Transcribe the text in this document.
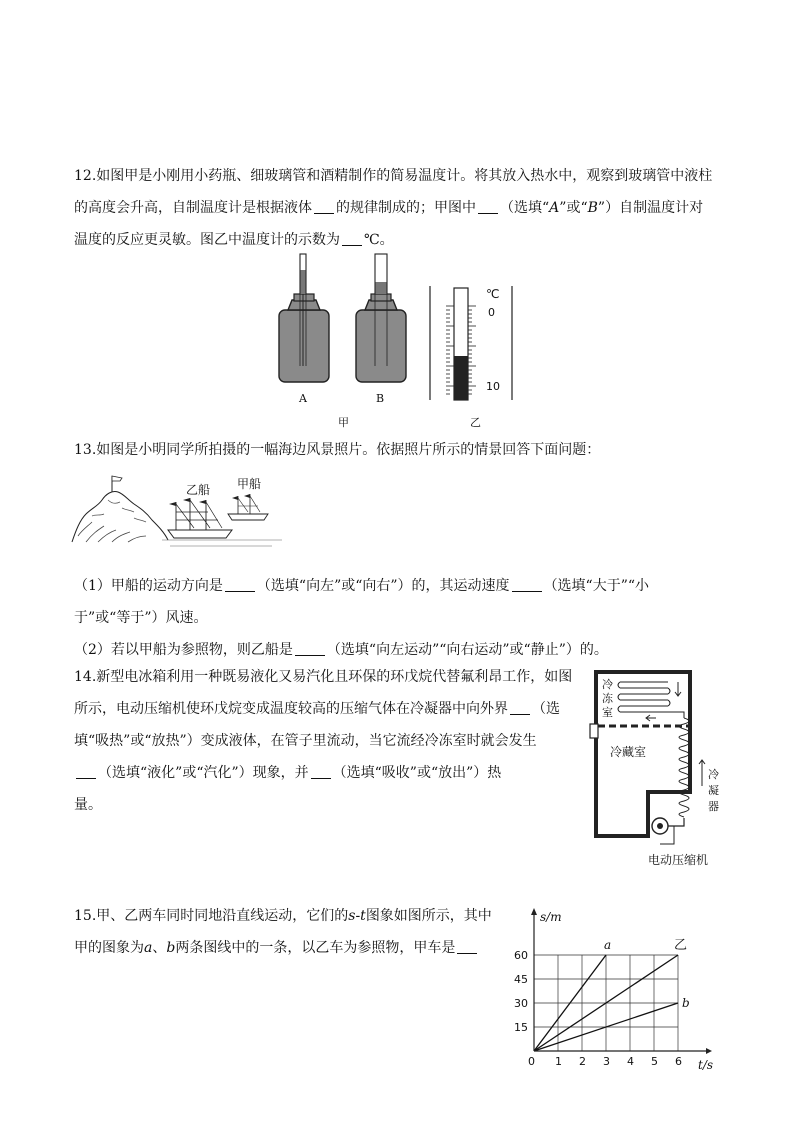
12.如图甲是小刚用小药瓶、细玻璃管和酒精制作的简易温度计。将其放入热水中，观察到玻璃管中液柱

的高度会升高，自制温度计是根据液体 的规律制成的；甲图中 （选填“A”或“B”）自制温度计对

温度的反应更灵敏。图乙中温度计的示数为 ℃。

A	B
℃
0
10
甲	乙

13.如图是小明同学所拍摄的一幅海边风景照片。依据照片所示的情景回答下面问题：

乙船 甲船

（1）甲船的运动方向是 （选填“向左”或“向右”）的，其运动速度 （选填“大于”“小

于”或“等于”）风速。

（2）若以甲船为参照物，则乙船是 （选填“向左运动”“向右运动”或“静止”）的。

14.新型电冰箱利用一种既易液化又易汽化且环保的环戊烷代替氟利昂工作，如图

所示，电动压缩机使环戊烷变成温度较高的压缩气体在冷凝器中向外界 （选

填“吸热”或“放热”）变成液体，在管子里流动，当它流经冷冻室时就会发生

（选填“液化”或“汽化”）现象，并 （选填“吸收”或“放出”）热

量。

冷
冻
室
冷藏室
冷
凝
器
电动压缩机

15.甲、乙两车同时同地沿直线运动，它们的s-t图象如图所示，其中

甲的图象为a、b两条图线中的一条，以乙车为参照物，甲车是

0 1 2 3 4 5 6
15
30
45
60
s/m
t/s
a	乙
b
